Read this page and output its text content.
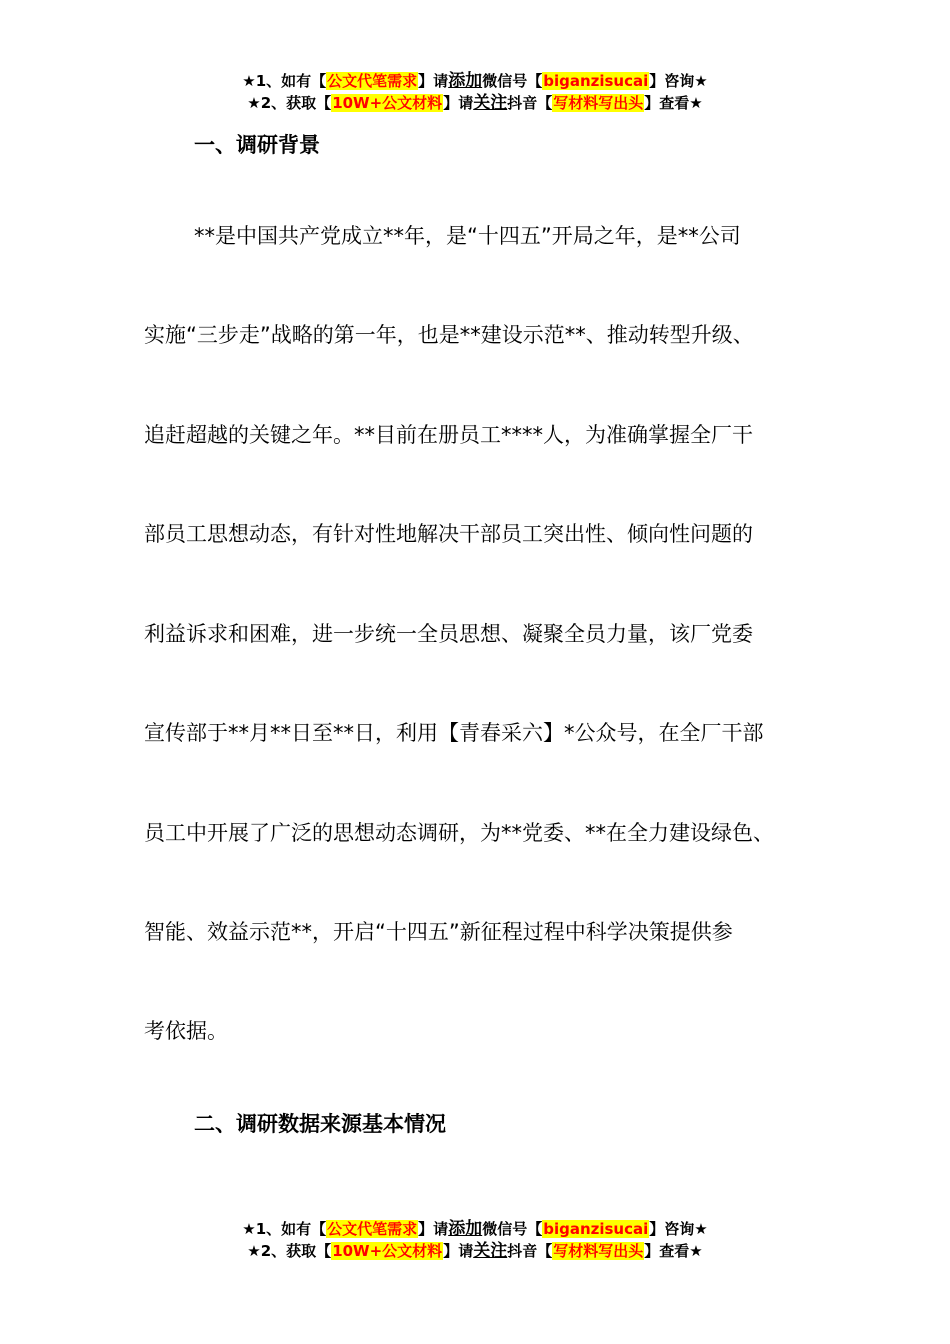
★1、如有【公文代笔需求】请添加微信号【biganzisucai】咨询★
★2、获取【10W+公文材料】请关注抖音【写材料写出头】查看★
一、调研背景
**是中国共产党成立**年，是“十四五”开局之年，是**公司
实施“三步走”战略的第一年，也是**建设示范**、推动转型升级、
追赶超越的关键之年。**目前在册员工****人，为准确掌握全厂干
部员工思想动态，有针对性地解决干部员工突出性、倾向性问题的
利益诉求和困难，进一步统一全员思想、凝聚全员力量，该厂党委
宣传部于**月**日至**日，利用【青春采六】*公众号，在全厂干部
员工中开展了广泛的思想动态调研，为**党委、**在全力建设绿色、
智能、效益示范**，开启“十四五”新征程过程中科学决策提供参
考依据。
二、调研数据来源基本情况
★1、如有【公文代笔需求】请添加微信号【biganzisucai】咨询★
★2、获取【10W+公文材料】请关注抖音【写材料写出头】查看★
